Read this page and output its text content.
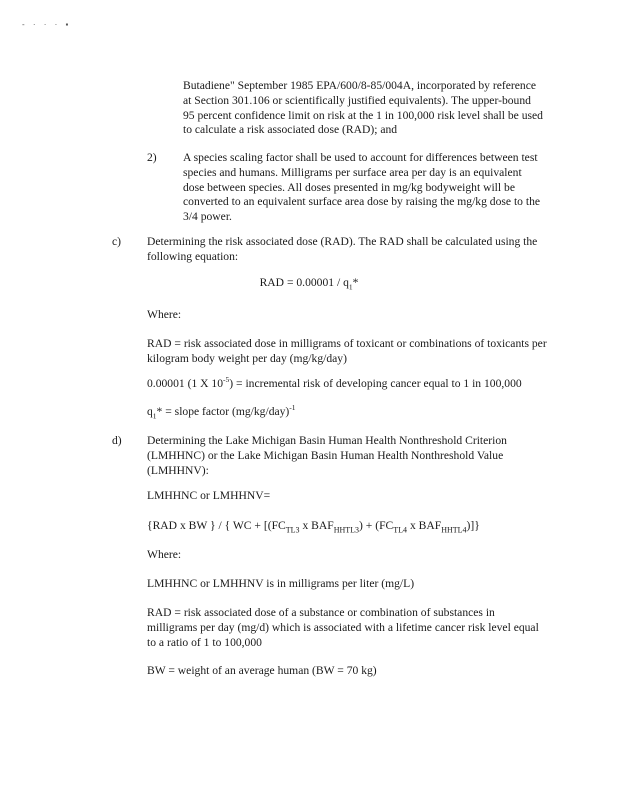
- · · · ▪

Butadiene" September 1985 EPA/600/8-85/004A, incorporated by reference at Section 301.106 or scientifically justified equivalents). The upper-bound 95 percent confidence limit on risk at the 1 in 100,000 risk level shall be used to calculate a risk associated dose (RAD); and

2) A species scaling factor shall be used to account for differences between test species and humans. Milligrams per surface area per day is an equivalent dose between species. All doses presented in mg/kg bodyweight will be converted to an equivalent surface area dose by raising the mg/kg dose to the 3/4 power.

c) Determining the risk associated dose (RAD). The RAD shall be calculated using the following equation:

RAD = $0.00001 / q_1*$
Where:

RAD = risk associated dose in milligrams of toxicant or combinations of toxicants per kilogram body weight per day (mg/kg/day)

0.00001 (1 X $10^{-5}$) = incremental risk of developing cancer equal to 1 in 100,000
$q_1*$ = slope factor $(mg/kg/day)^{-1}$
d) Determining the Lake Michigan Basin Human Health Nonthreshold Criterion (LMHHNC) or the Lake Michigan Basin Human Health Nonthreshold Value (LMHHNV):

LMHHNC or LMHHNV=
{RAD x BW } / { WC + [($FC_{TL3}$ x $BAF_{HHTL3}) + (FC_{TL4}$ x $BAF_{HHTL4}$)]}
Where:
LMHHNC or LMHHNV is in milligrams per liter (mg/L)

RAD = risk associated dose of a substance or combination of substances in milligrams per day (mg/d) which is associated with a lifetime cancer risk level equal to a ratio of 1 to 100,000

BW = weight of an average human (BW = 70 kg)
